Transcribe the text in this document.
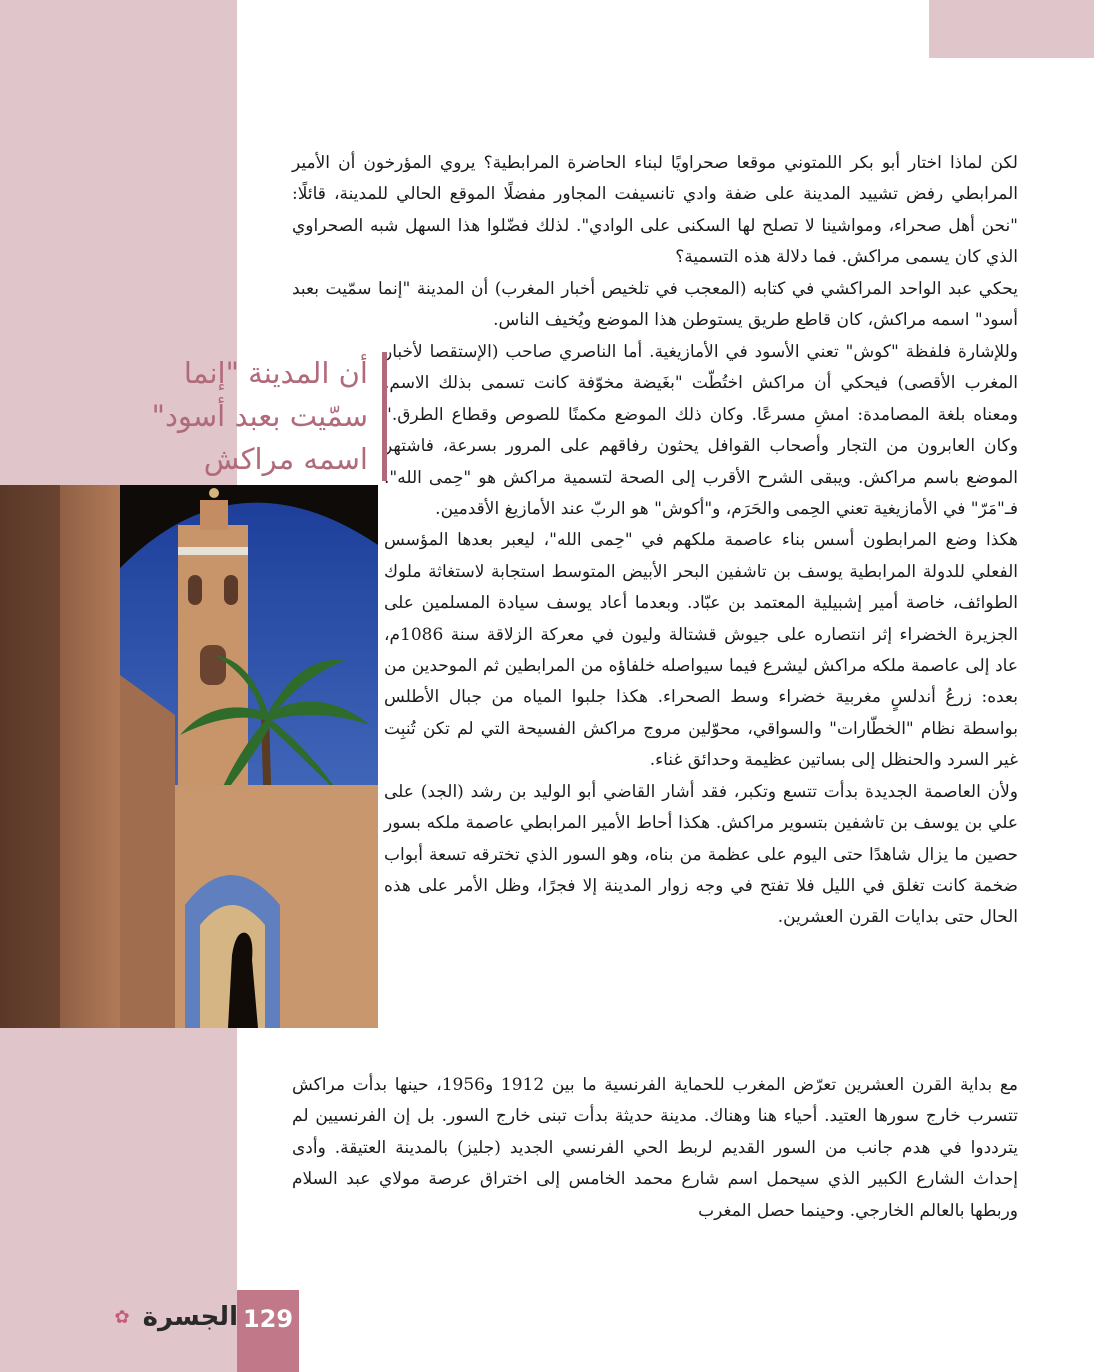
لكن لماذا اختار أبو بكر اللمتوني موقعا صحراويًا لبناء الحاضرة المرابطية؟ يروي المؤرخون أن الأمير المرابطي رفض تشييد المدينة على ضفة وادي تانسيفت المجاور مفضلًا الموقع الحالي للمدينة، قائلًا: "نحن أهل صحراء، ومواشينا لا تصلح لها السكنى على الوادي". لذلك فضّلوا هذا السهل شبه الصحراوي الذي كان يسمى مراكش. فما دلالة هذه التسمية؟

يحكي عبد الواحد المراكشي في كتابه (المعجب في تلخيص أخبار المغرب) أن المدينة "إنما سمّيت بعبد أسود" اسمه مراكش، كان قاطع طريق يستوطن هذا الموضع ويُخيف الناس.

وللإشارة فلفظة "كوش" تعني الأسود في الأمازيغية. أما الناصري صاحب (الإستقصا لأخبار المغرب الأقصى) فيحكي أن مراكش اختُطّت "بغَيضة مخوّفة كانت تسمى بذلك الاسم. ومعناه بلغة المصامدة: امشِ مسرعًا. وكان ذلك الموضع مكمنًا للصوص وقطاع الطرق." وكان العابرون من التجار وأصحاب القوافل يحثون رفاقهم على المرور بسرعة، فاشتهر الموضع باسم مراكش. ويبقى الشرح الأقرب إلى الصحة لتسمية مراكش هو "حِمى الله". فـ"مَرّ" في الأمازيغية تعني الحِمى والحَرَم، و"أكوش" هو الربّ عند الأمازيغ الأقدمين.

هكذا وضع المرابطون أسس بناء عاصمة ملكهم في "حِمى الله"، ليعبر بعدها المؤسس الفعلي للدولة المرابطية يوسف بن تاشفين البحر الأبيض المتوسط استجابة لاستغاثة ملوك الطوائف، خاصة أمير إشبيلية المعتمد بن عبّاد. وبعدما أعاد يوسف سيادة المسلمين على الجزيرة الخضراء إثر انتصاره على جيوش قشتالة وليون في معركة الزلاقة سنة 1086م، عاد إلى عاصمة ملكه مراكش ليشرع فيما سيواصله خلفاؤه من المرابطين ثم الموحدين من بعده: زرعُ أندلسٍ مغربية خضراء وسط الصحراء. هكذا جلبوا المياه من جبال الأطلس بواسطة نظام "الخطّارات" والسواقي، محوّلين مروج مراكش الفسيحة التي لم تكن تُنبِت غير السرد والحنظل إلى بساتين عظيمة وحدائق غناء.

ولأن العاصمة الجديدة بدأت تتسع وتكبر، فقد أشار القاضي أبو الوليد بن رشد (الجد) على علي بن يوسف بن تاشفين بتسوير مراكش. هكذا أحاط الأمير المرابطي عاصمة ملكه بسور حصين ما يزال شاهدًا حتى اليوم على عظمة من بناه، وهو السور الذي تخترقه تسعة أبواب ضخمة كانت تغلق في الليل فلا تفتح في وجه زوار المدينة إلا فجرًا، وظل الأمر على هذه الحال حتى بدايات القرن العشرين.

مع بداية القرن العشرين تعرّض المغرب للحماية الفرنسية ما بين 1912 و1956، حينها بدأت مراكش تتسرب خارج سورها العتيد. أحياء هنا وهناك. مدينة حديثة بدأت تبنى خارج السور. بل إن الفرنسيين لم يترددوا في هدم جانب من السور القديم لربط الحي الفرنسي الجديد (جليز) بالمدينة العتيقة. وأدى إحداث الشارع الكبير الذي سيحمل اسم شارع محمد الخامس إلى اختراق عرصة مولاي عبد السلام وربطها بالعالم الخارجي. وحينما حصل المغرب

أن المدينة "إنما
سمّيت بعبد أسود"
اسمه مراكش
129
الجسرة ✿
